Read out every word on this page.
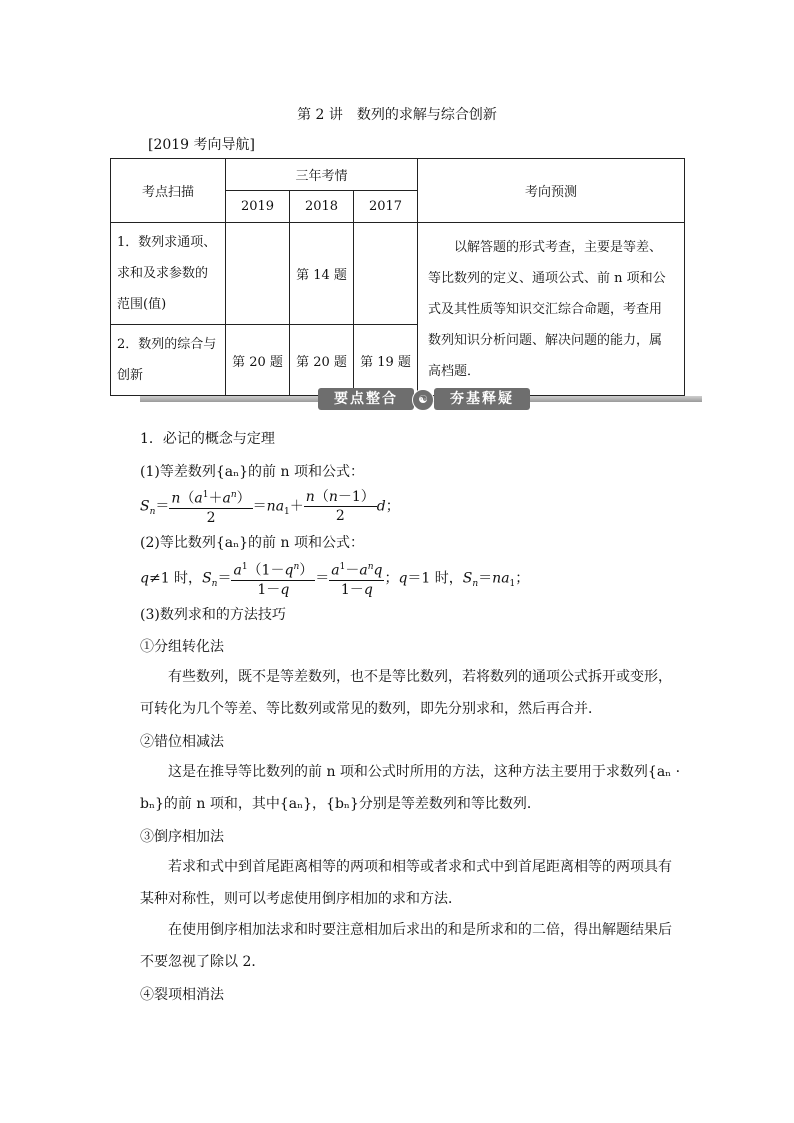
第 2 讲　数列的求解与综合创新
[2019 考向导航]
考点扫描	三年考情			考向预测
	2019	2018	2017	

1．数列求通项、求和及求参数的范围(值)		第 14 题		以解答题的形式考查，主要是等差、等比数列的定义、通项公式、前 n 项和公式及其性质等知识交汇综合命题，考查用数列知识分析问题、解决问题的能力，属高档题．

2．数列的综合与创新	第 20 题	第 20 题	第 19 题	
要点整合	☯	夯基释疑
1．必记的概念与定理
(1)等差数列{aₙ}的前 n 项和公式：
$S_n= \frac{n(a^1+a^n)}{2} =na_1+ \frac{n(n-1)}{2}$ d；
(2)等比数列{aₙ}的前 n 项和公式：
q≠1 时，$S_n= \frac{a^1(1-q^n)}{1-q} = \frac{a^1-a^nq}{1-q}$ ；q＝1 时，$S_n=na_1$；
(3)数列求和的方法技巧
①分组转化法
有些数列，既不是等差数列，也不是等比数列，若将数列的通项公式拆开或变形，可转化为几个等差、等比数列或常见的数列，即先分别求和，然后再合并．
②错位相减法
这是在推导等比数列的前 n 项和公式时所用的方法，这种方法主要用于求数列{aₙ · bₙ}的前 n 项和，其中{aₙ}，{bₙ}分别是等差数列和等比数列．
③倒序相加法
若求和式中到首尾距离相等的两项和相等或者求和式中到首尾距离相等的两项具有某种对称性，则可以考虑使用倒序相加的求和方法．
在使用倒序相加法求和时要注意相加后求出的和是所求和的二倍，得出解题结果后不要忽视了除以 2．
④裂项相消法
